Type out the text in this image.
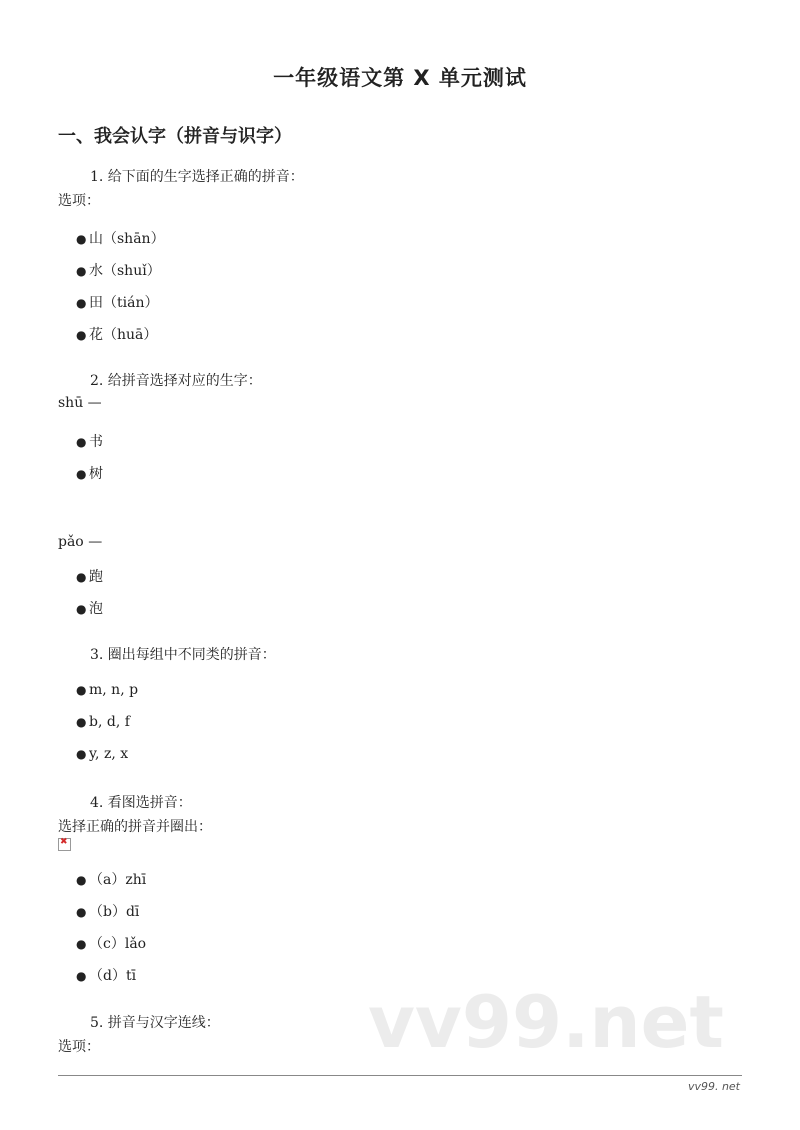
一年级语文第 X 单元测试
一、我会认字（拼音与识字）
1. 给下面的生字选择正确的拼音：
选项：
● 山（shān）
● 水（shuǐ）
● 田（tián）
● 花（huā）
2. 给拼音选择对应的生字：
shū —
● 书
● 树
pǎo —
● 跑
● 泡
3. 圈出每组中不同类的拼音：
● m, n, p
● b, d, f
● y, z, x
4. 看图选拼音：
选择正确的拼音并圈出：
✖
● （a）zhī
● （b）dī
● （c）lǎo
● （d）tī
vv99.net
5. 拼音与汉字连线：
选项：
vv99. net
